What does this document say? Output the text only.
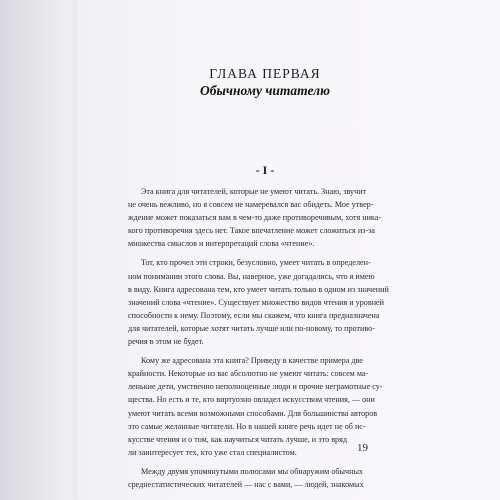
ГЛАВА ПЕРВАЯ
Обычному читателю
- I -

Эта книга для читателей, которые не умеют читать. Знаю, звучит
не очень вежливо, но я совсем не намеревался вас обидеть. Мое утвер-
ждение может показаться вам в чем-то даже противоречивым, хотя ника-
кого противоречия здесь нет. Такое впечатление может сложиться из-за
множества смыслов и интерпретаций слова «чтение».

Тот, кто прочел эти строки, безусловно, умеет читать в определен-
ном понимании этого слова. Вы, наверное, уже догадались, что я имею
в виду. Книга адресована тем, кто умеет читать только в одном из значений
значений слова «чтение». Существует множество видов чтения и уровней
способности к нему. Поэтому, если мы скажем, что книга предназначена
для читателей, которые хотят читать лучше или по-новому, то противо-
речия в этом не будет.

Кому же адресована эта книга? Приведу в качестве примера две
крайности. Некоторые из вас абсолютно не умеют читать: совсем ма-
ленькие дети, умственно неполноценные люди и прочие неграмотные су-
щества. Но есть и те, кто виртуозно овладел искусством чтения, — они
умеют читать всеми возможными способами. Для большинства авторов
это самые желанные читатели. Но в нашей книге речь идет не об ис-
кусстве чтения и о том, как научиться читать лучше, и это вряд
ли заинтересует тех, кто уже стал специалистом.

Между двумя упомянутыми полюсами мы обнаружим обычных
среднестатистических читателей — нас с вами, — людей, знакомых

19
